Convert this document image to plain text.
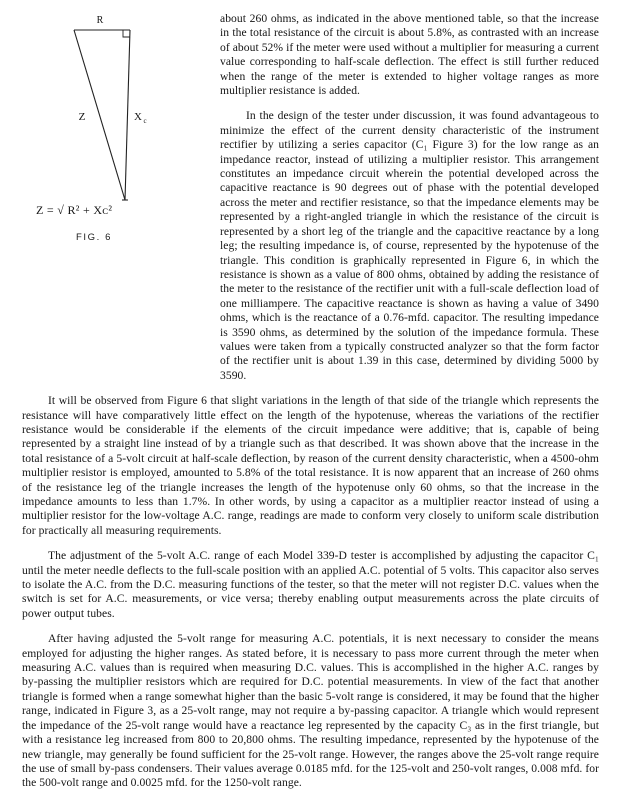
R
Z	X c
Z = √ R² + Xᴄ²
FIG. 6

about 260 ohms, as indicated in the above mentioned table, so that the increase in the total resistance of the circuit is about 5.8%, as contrasted with an increase of about 52% if the meter were used without a multiplier for measuring a current value corresponding to half-scale deflection. The effect is still further reduced when the range of the meter is extended to higher voltage ranges as more multiplier resistance is added.

In the design of the tester under discussion, it was found advantageous to minimize the effect of the current density characteristic of the instrument rectifier by utilizing a series capacitor (C₁ Figure 3) for the low range as an impedance reactor, instead of utilizing a multiplier resistor. This arrangement constitutes an impedance circuit wherein the potential developed across the capacitive reactance is 90 degrees out of phase with the potential developed across the meter and rectifier resistance, so that the impedance elements may be represented by a right-angled triangle in which the resistance of the circuit is represented by a short leg of the triangle and the capacitive reactance by a long leg; the resulting impedance is, of course, represented by the hypotenuse of the triangle. This condition is graphically represented in Figure 6, in which the resistance is shown as a value of 800 ohms, obtained by adding the resistance of the meter to the resistance of the rectifier unit with a full-scale deflection load of one milliampere. The capacitive reactance is shown as having a value of 3490 ohms, which is the reactance of a 0.76-mfd. capacitor. The resulting impedance is 3590 ohms, as determined by the solution of the impedance formula. These values were taken from a typically constructed analyzer so that the form factor of the rectifier unit is about 1.39 in this case, determined by dividing 5000 by 3590.

It will be observed from Figure 6 that slight variations in the length of that side of the triangle which represents the resistance will have comparatively little effect on the length of the hypotenuse, whereas the variations of the rectifier resistance would be considerable if the elements of the circuit impedance were additive; that is, capable of being represented by a straight line instead of by a triangle such as that described. It was shown above that the increase in the total resistance of a 5-volt circuit at half-scale deflection, by reason of the current density characteristic, when a 4500-ohm multiplier resistor is employed, amounted to 5.8% of the total resistance. It is now apparent that an increase of 260 ohms of the resistance leg of the triangle increases the length of the hypotenuse only 60 ohms, so that the increase in the impedance amounts to less than 1.7%. In other words, by using a capacitor as a multiplier reactor instead of using a multiplier resistor for the low-voltage A.C. range, readings are made to conform very closely to uniform scale distribution for practically all measuring requirements.

The adjustment of the 5-volt A.C. range of each Model 339-D tester is accomplished by adjusting the capacitor C₁ until the meter needle deflects to the full-scale position with an applied A.C. potential of 5 volts. This capacitor also serves to isolate the A.C. from the D.C. measuring functions of the tester, so that the meter will not register D.C. values when the switch is set for A.C. measurements, or vice versa; thereby enabling output measurements across the plate circuits of power output tubes.

After having adjusted the 5-volt range for measuring A.C. potentials, it is next necessary to consider the means employed for adjusting the higher ranges. As stated before, it is necessary to pass more current through the meter when measuring A.C. values than is required when measuring D.C. values. This is accomplished in the higher A.C. ranges by by-passing the multiplier resistors which are required for D.C. potential measurements. In view of the fact that another triangle is formed when a range somewhat higher than the basic 5-volt range is considered, it may be found that the higher range, indicated in Figure 3, as a 25-volt range, may not require a by-passing capacitor. A triangle which would represent the impedance of the 25-volt range would have a reactance leg represented by the capacity C₃ as in the first triangle, but with a resistance leg increased from 800 to 20,800 ohms. The resulting impedance, represented by the hypotenuse of the new triangle, may generally be found sufficient for the 25-volt range. However, the ranges above the 25-volt range require the use of small by-pass condensers. Their values average 0.0185 mfd. for the 125-volt and 250-volt ranges, 0.008 mfd. for the 500-volt range and 0.0025 mfd. for the 1250-volt range.
